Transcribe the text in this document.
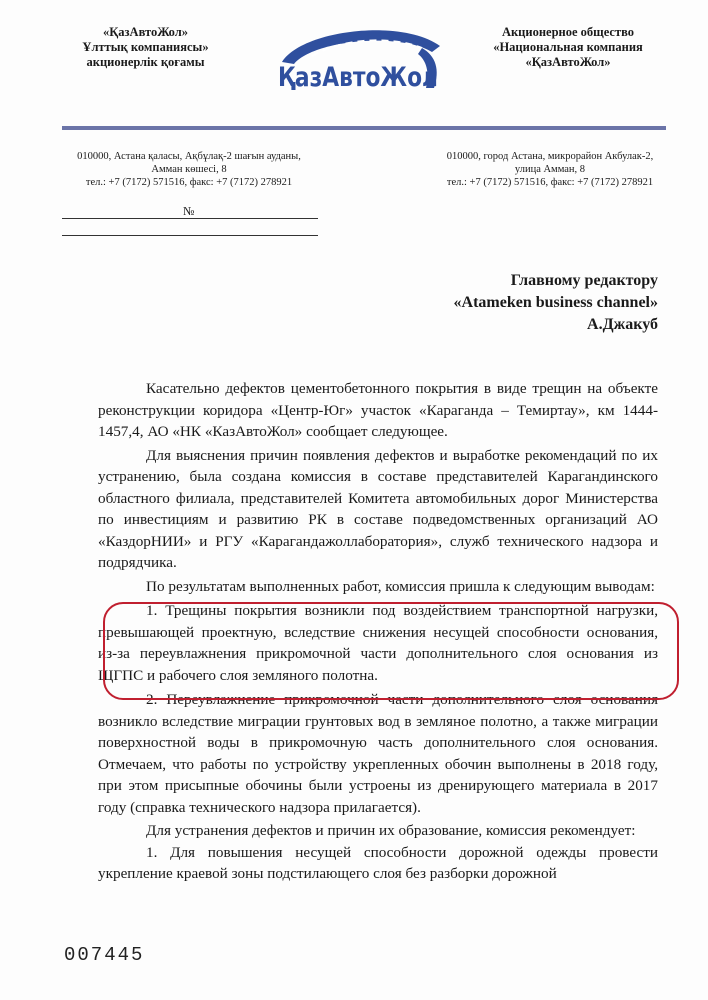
«ҚазАвтоЖол»
Ұлттық компаниясы»
акционерлік қоғамы	ҚазАвтоЖол
Акционерное общество
«Национальная компания
«ҚазАвтоЖол»
010000, Астана қаласы, Ақбұлақ-2 шағын ауданы,
Амман көшесі, 8
тел.: +7 (7172) 571516, факс: +7 (7172) 278921
010000, город Астана, микрорайон Акбулак-2,
улица Амман, 8
тел.: +7 (7172) 571516, факс: +7 (7172) 278921
№
Главному редактору
«Atameken business channel»
А.Джакуб

Касательно дефектов цементобетонного покрытия в виде трещин на объекте реконструкции коридора «Центр-Юг» участок «Караганда – Темиртау», км 1444-1457,4, АО «НК «КазАвтоЖол» сообщает следующее.

Для выяснения причин появления дефектов и выработке рекомендаций по их устранению, была создана комиссия в составе представителей Карагандинского областного филиала, представителей Комитета автомобильных дорог Министерства по инвестициям и развитию РК в составе подведомственных организаций АО «КаздорНИИ» и РГУ «Карагандажоллаборатория», служб технического надзора и подрядчика.

По результатам выполненных работ, комиссия пришла к следующим выводам:

1. Трещины покрытия возникли под воздействием транспортной нагрузки, превышающей проектную, вследствие снижения несущей способности основания, из-за переувлажнения прикромочной части дополнительного слоя основания из ЩГПС и рабочего слоя земляного полотна.

2. Переувлажнение прикромочной части дополнительного слоя основания возникло вследствие миграции грунтовых вод в земляное полотно, а также миграции поверхностной воды в прикромочную часть дополнительного слоя основания. Отмечаем, что работы по устройству укрепленных обочин выполнены в 2018 году, при этом присыпные обочины были устроены из дренирующего материала в 2017 году (справка технического надзора прилагается).

Для устранения дефектов и причин их образование, комиссия рекомендует:

1. Для повышения несущей способности дорожной одежды провести укрепление краевой зоны подстилающего слоя без разборки дорожной

007445
